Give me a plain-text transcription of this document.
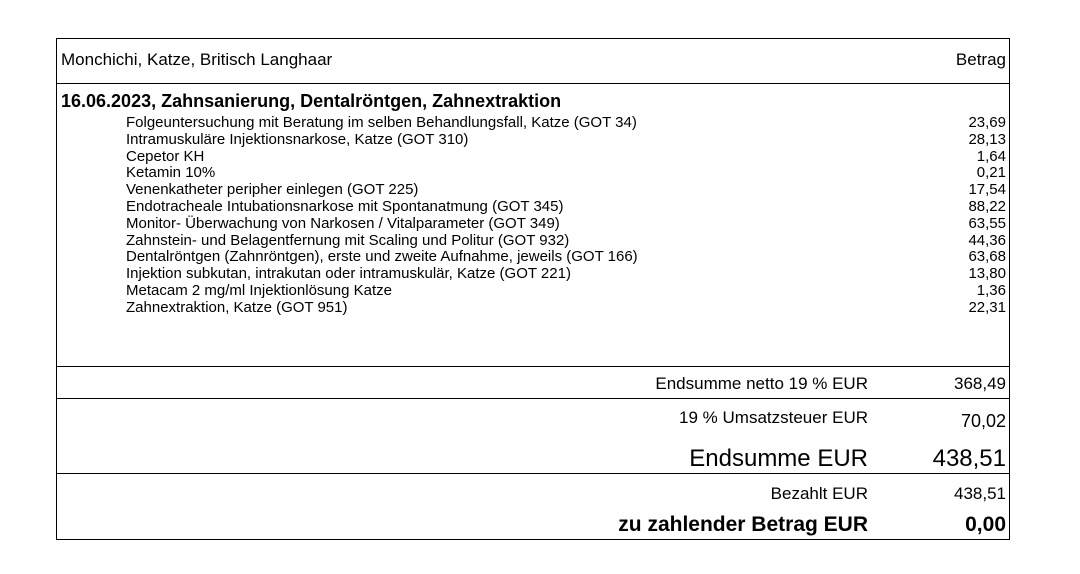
Monchichi, Katze, Britisch Langhaar	Betrag
16.06.2023, Zahnsanierung, Dentalröntgen, Zahnextraktion
Folgeuntersuchung mit Beratung im selben Behandlungsfall, Katze (GOT 34)	23,69
Intramuskuläre Injektionsnarkose, Katze (GOT 310)	28,13
Cepetor KH	1,64
Ketamin 10%	0,21
Venenkatheter peripher einlegen (GOT 225)	17,54
Endotracheale Intubationsnarkose mit Spontanatmung (GOT 345)	88,22
Monitor- Überwachung von Narkosen / Vitalparameter (GOT 349)	63,55
Zahnstein- und Belagentfernung mit Scaling und Politur (GOT 932)	44,36
Dentalröntgen (Zahnröntgen), erste und zweite Aufnahme, jeweils (GOT 166)	63,68
Injektion subkutan, intrakutan oder intramuskulär, Katze (GOT 221)	13,80
Metacam 2 mg/ml Injektionlösung Katze	1,36
Zahnextraktion, Katze (GOT 951)	22,31
Endsumme netto 19 % EUR	368,49
19 % Umsatzsteuer EUR	70,02
Endsumme EUR	438,51
Bezahlt EUR	438,51
zu zahlender Betrag EUR	0,00
